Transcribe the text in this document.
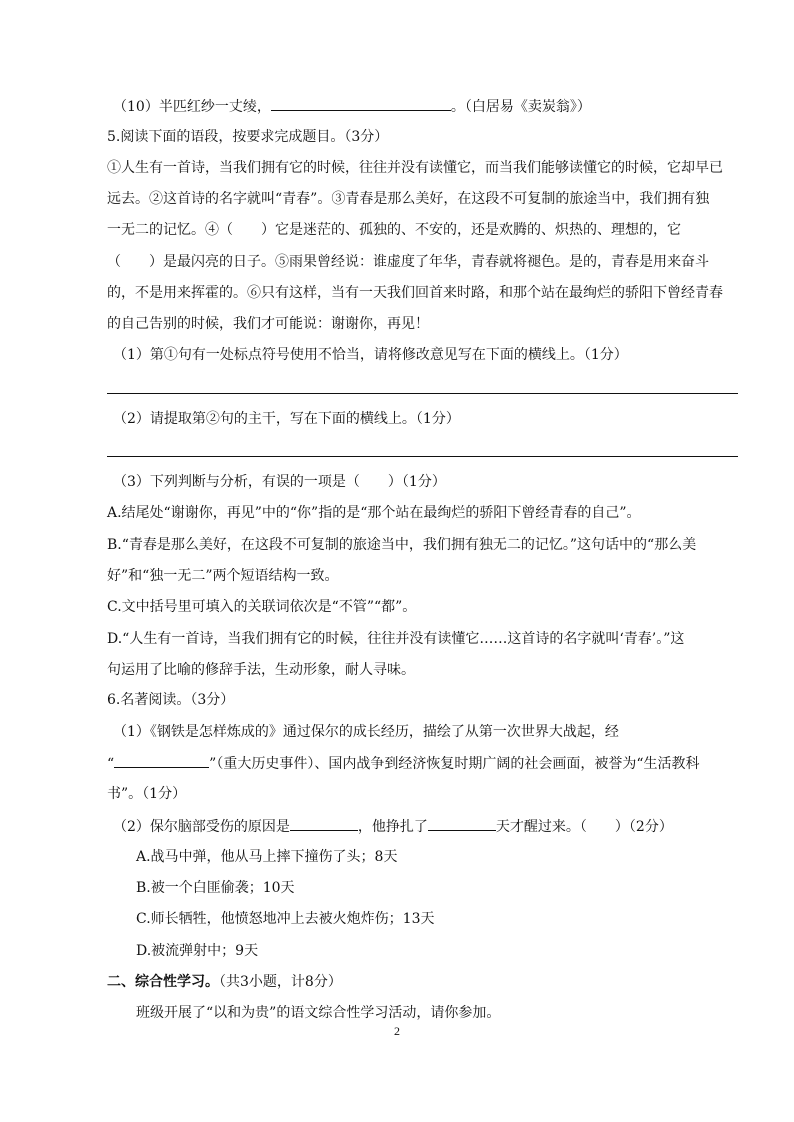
（10）半匹红纱一丈绫，	。（白居易《卖炭翁》）
5.阅读下面的语段，按要求完成题目。（3分）
①人生有一首诗，当我们拥有它的时候，往往并没有读懂它，而当我们能够读懂它的时候，它却早已
远去。②这首诗的名字就叫“青春”。③青春是那么美好，在这段不可复制的旅途当中，我们拥有独
一无二的记忆。④（　　）它是迷茫的、孤独的、不安的，还是欢腾的、炽热的、理想的，它
（　　）是最闪亮的日子。⑤雨果曾经说：谁虚度了年华，青春就将褪色。是的，青春是用来奋斗
的，不是用来挥霍的。⑥只有这样，当有一天我们回首来时路，和那个站在最绚烂的骄阳下曾经青春
的自己告别的时候，我们才可能说：谢谢你，再见！
（1）第①句有一处标点符号使用不恰当，请将修改意见写在下面的横线上。（1分）
（2）请提取第②句的主干，写在下面的横线上。（1分）
（3）下列判断与分析，有误的一项是（　　）（1分）
A.结尾处“谢谢你，再见”中的“你”指的是“那个站在最绚烂的骄阳下曾经青春的自己”。
B.“青春是那么美好，在这段不可复制的旅途当中，我们拥有独无二的记忆。”这句话中的“那么美
好”和“独一无二”两个短语结构一致。
C.文中括号里可填入的关联词依次是“不管”“都”。
D.“人生有一首诗，当我们拥有它的时候，往往并没有读懂它……这首诗的名字就叫‘青春’。”这
句运用了比喻的修辞手法，生动形象，耐人寻味。
6.名著阅读。（3分）
（1）《钢铁是怎样炼成的》通过保尔的成长经历，描绘了从第一次世界大战起，经
“	”（重大历史事件）、国内战争到经济恢复时期广阔的社会画面，被誉为“生活教科
书”。（1分）
（2）保尔脑部受伤的原因是	，他挣扎了	天才醒过来。（　　）（2分）
A.战马中弹，他从马上摔下撞伤了头；8天
B.被一个白匪偷袭；10天
C.师长牺牲，他愤怒地冲上去被火炮炸伤；13天
D.被流弹射中；9天
二、综合性学习。（共3小题，计8分）
班级开展了“以和为贵”的语文综合性学习活动，请你参加。
2
